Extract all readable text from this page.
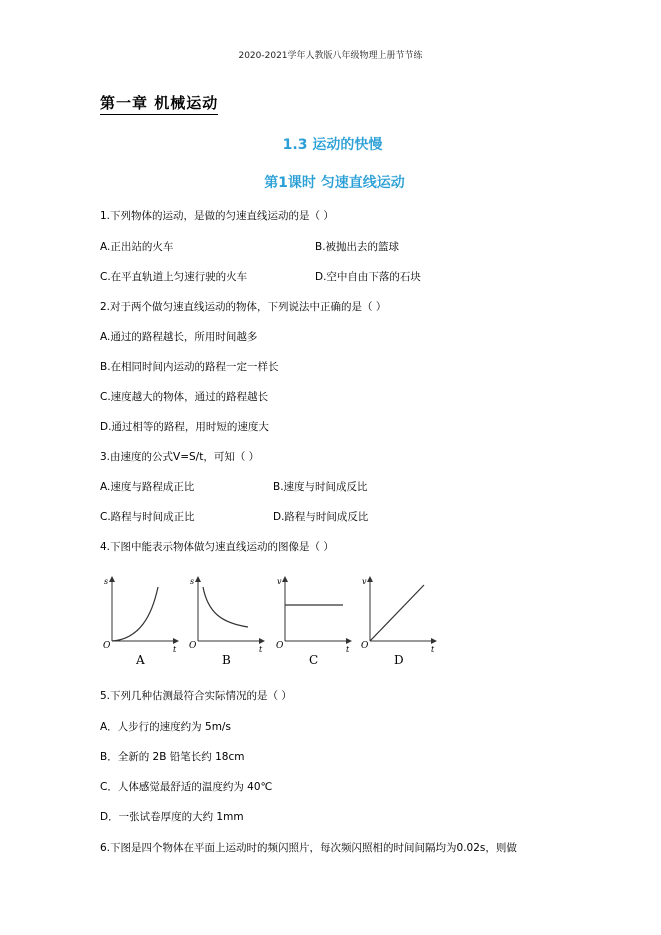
2020-2021学年人教版八年级物理上册节节练
第一章 机械运动
1.3 运动的快慢
第1课时 匀速直线运动
1.下列物体的运动，是做的匀速直线运动的是（ ）
A.正出站的火车	B.被抛出去的篮球
C.在平直轨道上匀速行驶的火车	D.空中自由下落的石块
2.对于两个做匀速直线运动的物体，下列说法中正确的是（ ）
A.通过的路程越长，所用时间越多
B.在相同时间内运动的路程一定一样长
C.速度越大的物体，通过的路程越长
D.通过相等的路程，用时短的速度大
3.由速度的公式V=S/t，可知（ ）
A.速度与路程成正比	B.速度与时间成反比
C.路程与时间成正比	D.路程与时间成反比
4.下图中能表示物体做匀速直线运动的图像是（ ）
s
O	t
A
s
O	t
B
v
O	t
C
v
O	t
D
5.下列几种估测最符合实际情况的是（ ）
A．人步行的速度约为 5m/s
B．全新的 2B 铅笔长约 18cm
C．人体感觉最舒适的温度约为 40℃
D．一张试卷厚度的大约 1mm
6.下图是四个物体在平面上运动时的频闪照片，每次频闪照相的时间间隔均为0.02s，则做
